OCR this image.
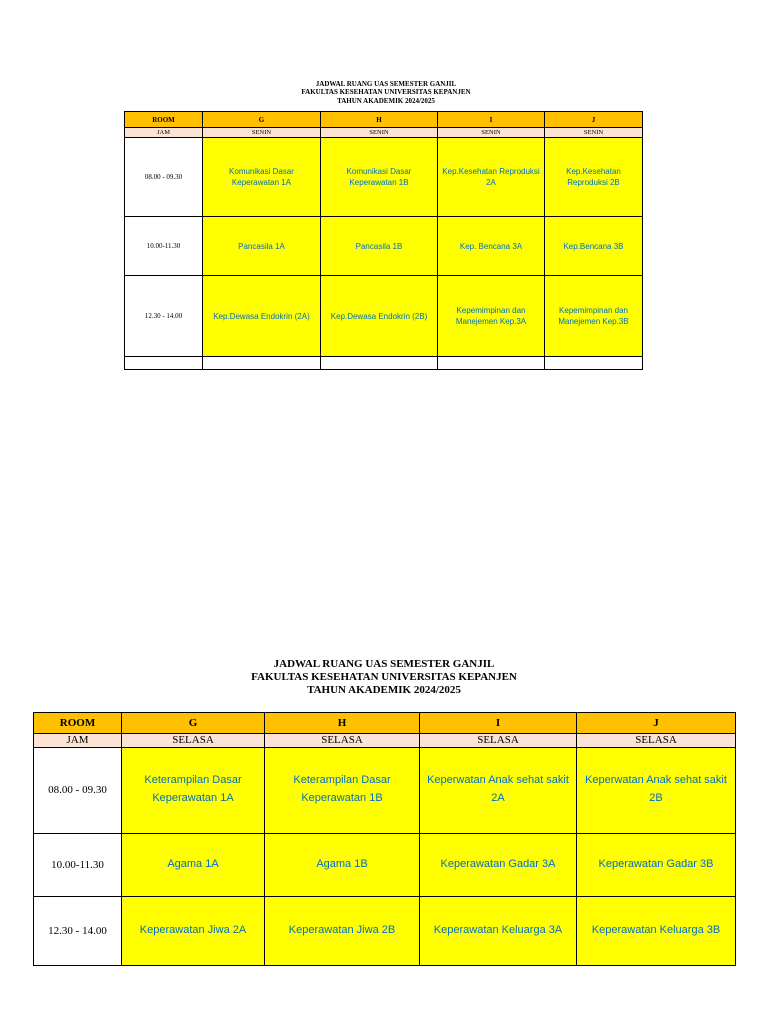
JADWAL RUANG UAS SEMESTER GANJIL
FAKULTAS KESEHATAN UNIVERSITAS KEPANJEN
TAHUN AKADEMIK 2024/2025
ROOM	G	H	I	J
JAM	SENIN	SENIN	SENIN	SENIN
08.00 - 09.30	Komunikasi Dasar Keperawatan 1A	Komunikasi Dasar Keperawatan 1B	Kep.Kesehatan Reproduksi 2A	Kep.Kesehatan Reproduksi 2B
10.00-11.30	Pancasila 1A	Pancasila 1B	Kep. Bencana 3A	Kep.Bencana 3B
12.30 - 14.00	Kep.Dewasa Endokrin (2A)	Kep.Dewasa Endokrin (2B)	Kepemimpinan dan Manejemen Kep.3A	Kepemimpinan dan Manejemen Kep.3B

JADWAL RUANG UAS SEMESTER GANJIL
FAKULTAS KESEHATAN UNIVERSITAS KEPANJEN
TAHUN AKADEMIK 2024/2025
ROOM	G	H	I	J
JAM	SELASA	SELASA	SELASA	SELASA
08.00 - 09.30	Keterampilan Dasar Keperawatan 1A	Keterampilan Dasar Keperawatan 1B	Keperwatan Anak sehat sakit 2A	Keperwatan Anak sehat sakit 2B
10.00-11.30	Agama 1A	Agama 1B	Keperawatan Gadar 3A	Keperawatan Gadar 3B
12.30 - 14.00	Keperawatan Jiwa 2A	Keperawatan Jiwa 2B	Keperawatan Keluarga 3A	Keperawatan Keluarga 3B
